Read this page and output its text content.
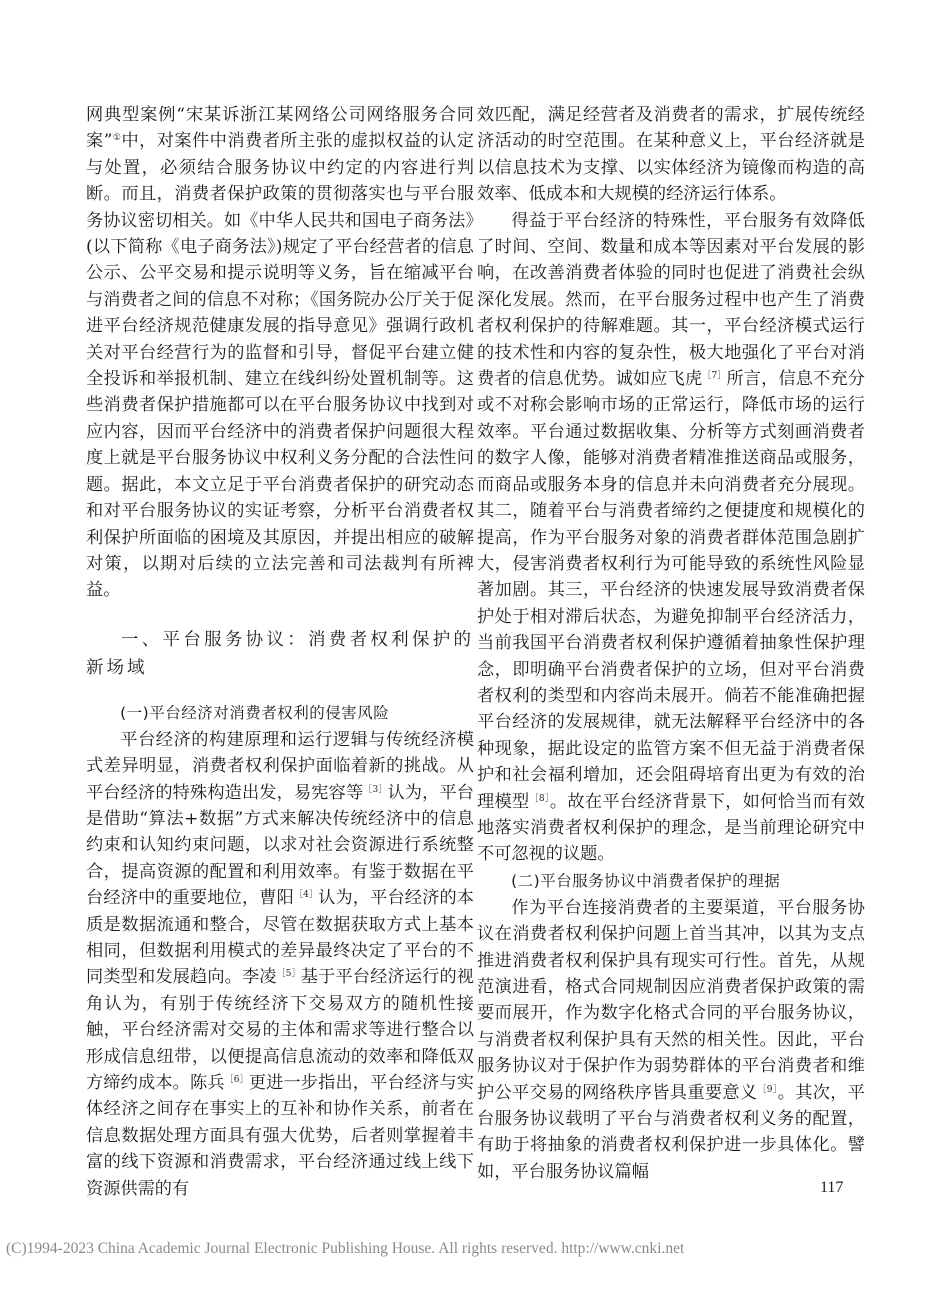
网典型案例“宋某诉浙江某网络公司网络服务合同案”①中，对案件中消费者所主张的虚拟权益的认定与处置，必须结合服务协议中约定的内容进行判断。而且，消费者保护政策的贯彻落实也与平台服务协议密切相关。如《中华人民共和国电子商务法》(以下简称《电子商务法》)规定了平台经营者的信息公示、公平交易和提示说明等义务，旨在缩减平台与消费者之间的信息不对称；《国务院办公厅关于促进平台经济规范健康发展的指导意见》强调行政机关对平台经营行为的监督和引导，督促平台建立健全投诉和举报机制、建立在线纠纷处置机制等。这些消费者保护措施都可以在平台服务协议中找到对应内容，因而平台经济中的消费者保护问题很大程度上就是平台服务协议中权利义务分配的合法性问题。据此，本文立足于平台消费者保护的研究动态和对平台服务协议的实证考察，分析平台消费者权利保护所面临的困境及其原因，并提出相应的破解对策，以期对后续的立法完善和司法裁判有所裨益。

一、平台服务协议：消费者权利保护的新场域
(一)平台经济对消费者权利的侵害风险

平台经济的构建原理和运行逻辑与传统经济模式差异明显，消费者权利保护面临着新的挑战。从平台经济的特殊构造出发，易宪容等$^{[3]}$认为，平台是借助“算法+数据”方式来解决传统经济中的信息约束和认知约束问题，以求对社会资源进行系统整合，提高资源的配置和利用效率。有鉴于数据在平台经济中的重要地位，曹阳$^{[4]}$认为，平台经济的本质是数据流通和整合，尽管在数据获取方式上基本相同，但数据利用模式的差异最终决定了平台的不同类型和发展趋向。李凌$^{[5]}$基于平台经济运行的视角认为，有别于传统经济下交易双方的随机性接触，平台经济需对交易的主体和需求等进行整合以形成信息纽带，以便提高信息流动的效率和降低双方缔约成本。陈兵$^{[6]}$更进一步指出，平台经济与实体经济之间存在事实上的互补和协作关系，前者在信息数据处理方面具有强大优势，后者则掌握着丰富的线下资源和消费需求，平台经济通过线上线下资源供需的有

效匹配，满足经营者及消费者的需求，扩展传统经济活动的时空范围。在某种意义上，平台经济就是以信息技术为支撑、以实体经济为镜像而构造的高效率、低成本和大规模的经济运行体系。

得益于平台经济的特殊性，平台服务有效降低了时间、空间、数量和成本等因素对平台发展的影响，在改善消费者体验的同时也促进了消费社会纵深化发展。然而，在平台服务过程中也产生了消费者权利保护的待解难题。其一，平台经济模式运行的技术性和内容的复杂性，极大地强化了平台对消费者的信息优势。诚如应飞虎$^{[7]}$所言，信息不充分或不对称会影响市场的正常运行，降低市场的运行效率。平台通过数据收集、分析等方式刻画消费者的数字人像，能够对消费者精准推送商品或服务，而商品或服务本身的信息并未向消费者充分展现。其二，随着平台与消费者缔约之便捷度和规模化的提高，作为平台服务对象的消费者群体范围急剧扩大，侵害消费者权利行为可能导致的系统性风险显著加剧。其三，平台经济的快速发展导致消费者保护处于相对滞后状态，为避免抑制平台经济活力，当前我国平台消费者权利保护遵循着抽象性保护理念，即明确平台消费者保护的立场，但对平台消费者权利的类型和内容尚未展开。倘若不能准确把握平台经济的发展规律，就无法解释平台经济中的各种现象，据此设定的监管方案不但无益于消费者保护和社会福利增加，还会阻碍培育出更为有效的治理模型$^{[8]}$。故在平台经济背景下，如何恰当而有效地落实消费者权利保护的理念，是当前理论研究中不可忽视的议题。

(二)平台服务协议中消费者保护的理据

作为平台连接消费者的主要渠道，平台服务协议在消费者权利保护问题上首当其冲，以其为支点推进消费者权利保护具有现实可行性。首先，从规范演进看，格式合同规制因应消费者保护政策的需要而展开，作为数字化格式合同的平台服务协议，与消费者权利保护具有天然的相关性。因此，平台服务协议对于保护作为弱势群体的平台消费者和维护公平交易的网络秩序皆具重要意义$^{[9]}$。其次，平台服务协议载明了平台与消费者权利义务的配置，有助于将抽象的消费者权利保护进一步具体化。譬如，平台服务协议篇幅

117
(C)1994-2023 China Academic Journal Electronic Publishing House. All rights reserved. http://www.cnki.net
